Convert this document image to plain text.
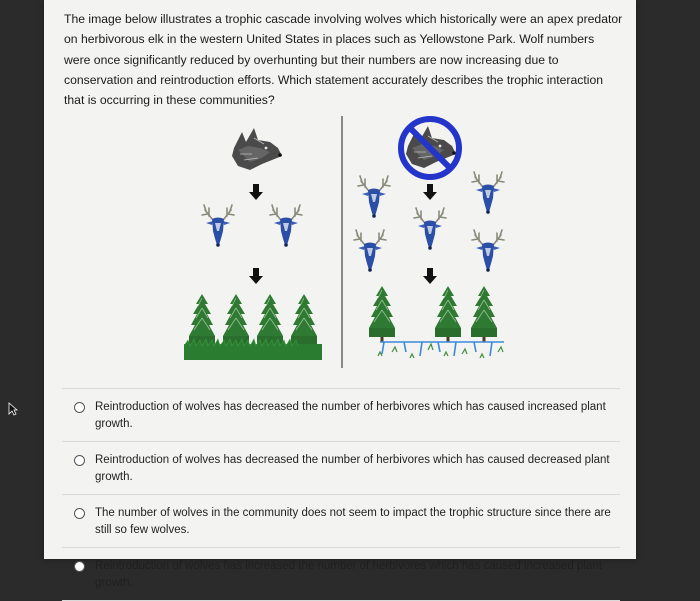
The image below illustrates a trophic cascade involving wolves which historically were an apex predator on herbivorous elk in the western United States in places such as Yellowstone Park. Wolf numbers were once significantly reduced by overhunting but their numbers are now increasing due to conservation and reintroduction efforts. Which statement accurately describes the trophic interaction that is occurring in these communities?

Reintroduction of wolves has decreased the number of herbivores which has caused increased plant growth.
Reintroduction of wolves has decreased the number of herbivores which has caused decreased plant growth.
The number of wolves in the community does not seem to impact the trophic structure since there are still so few wolves.
Reintroduction of wolves has increased the number of herbivores which has caused increased plant growth.
